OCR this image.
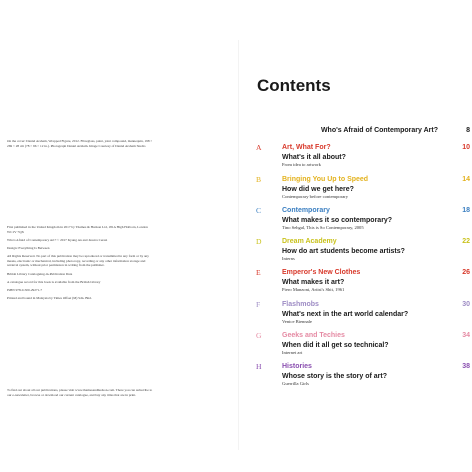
On the cover: Daniel Arsham, Wrapped Figure, 2012. Fibreglass, paint, joint compound, mannequin, 198 × 269 × 28 cm (78 × 96 × 12 in.). Photograph Daniel Arsham. Image Courtesy of Daniel Arsham Studio

First published in the United Kingdom in 2017 by Thames & Hudson Ltd, 181A High Holborn, London WC1V 7QX

Who's Afraid of Contemporary Art? © 2017 Kyung An and Jessica Cerasi

Design: Everything Is Between

All Rights Reserved. No part of this publication may be reproduced or transmitted in any form or by any means, electronic or mechanical, including photocopy, recording or any other information storage and retrieval system, without prior permission in writing from the publisher.

British Library Cataloguing-in-Publication Data

A catalogue record for this book is available from the British Library

ISBN 978-0-500-29271-7

Printed and bound in Malaysia by Times Offset (M) Sdn. Bhd.

To find out about all our publications, please visit www.thamesandhudson.com. There you can subscribe to our e-newsletter, browse or download our current catalogue, and buy any titles that are in print.

Contents
Who's Afraid of Contemporary Art?	8
A	Art, What For?	10
What's it all about?
From idea to artwork
B	Bringing You Up to Speed	14
How did we get here?
Contemporary before contemporary
C	Contemporary	18
What makes it so contemporary?
Tino Sehgal, This is So Contemporary, 2005
D	Dream Academy	22
How do art students become artists?
Interns
E	Emperor's New Clothes	26
What makes it art?
Piero Manzoni, Artist's Shit, 1961
F	Flashmobs	30
What's next in the art world calendar?
Venice Biennale
G	Geeks and Techies	34
When did it all get so technical?
Internet art
H	Histories	38
Whose story is the story of art?
Guerrilla Girls
